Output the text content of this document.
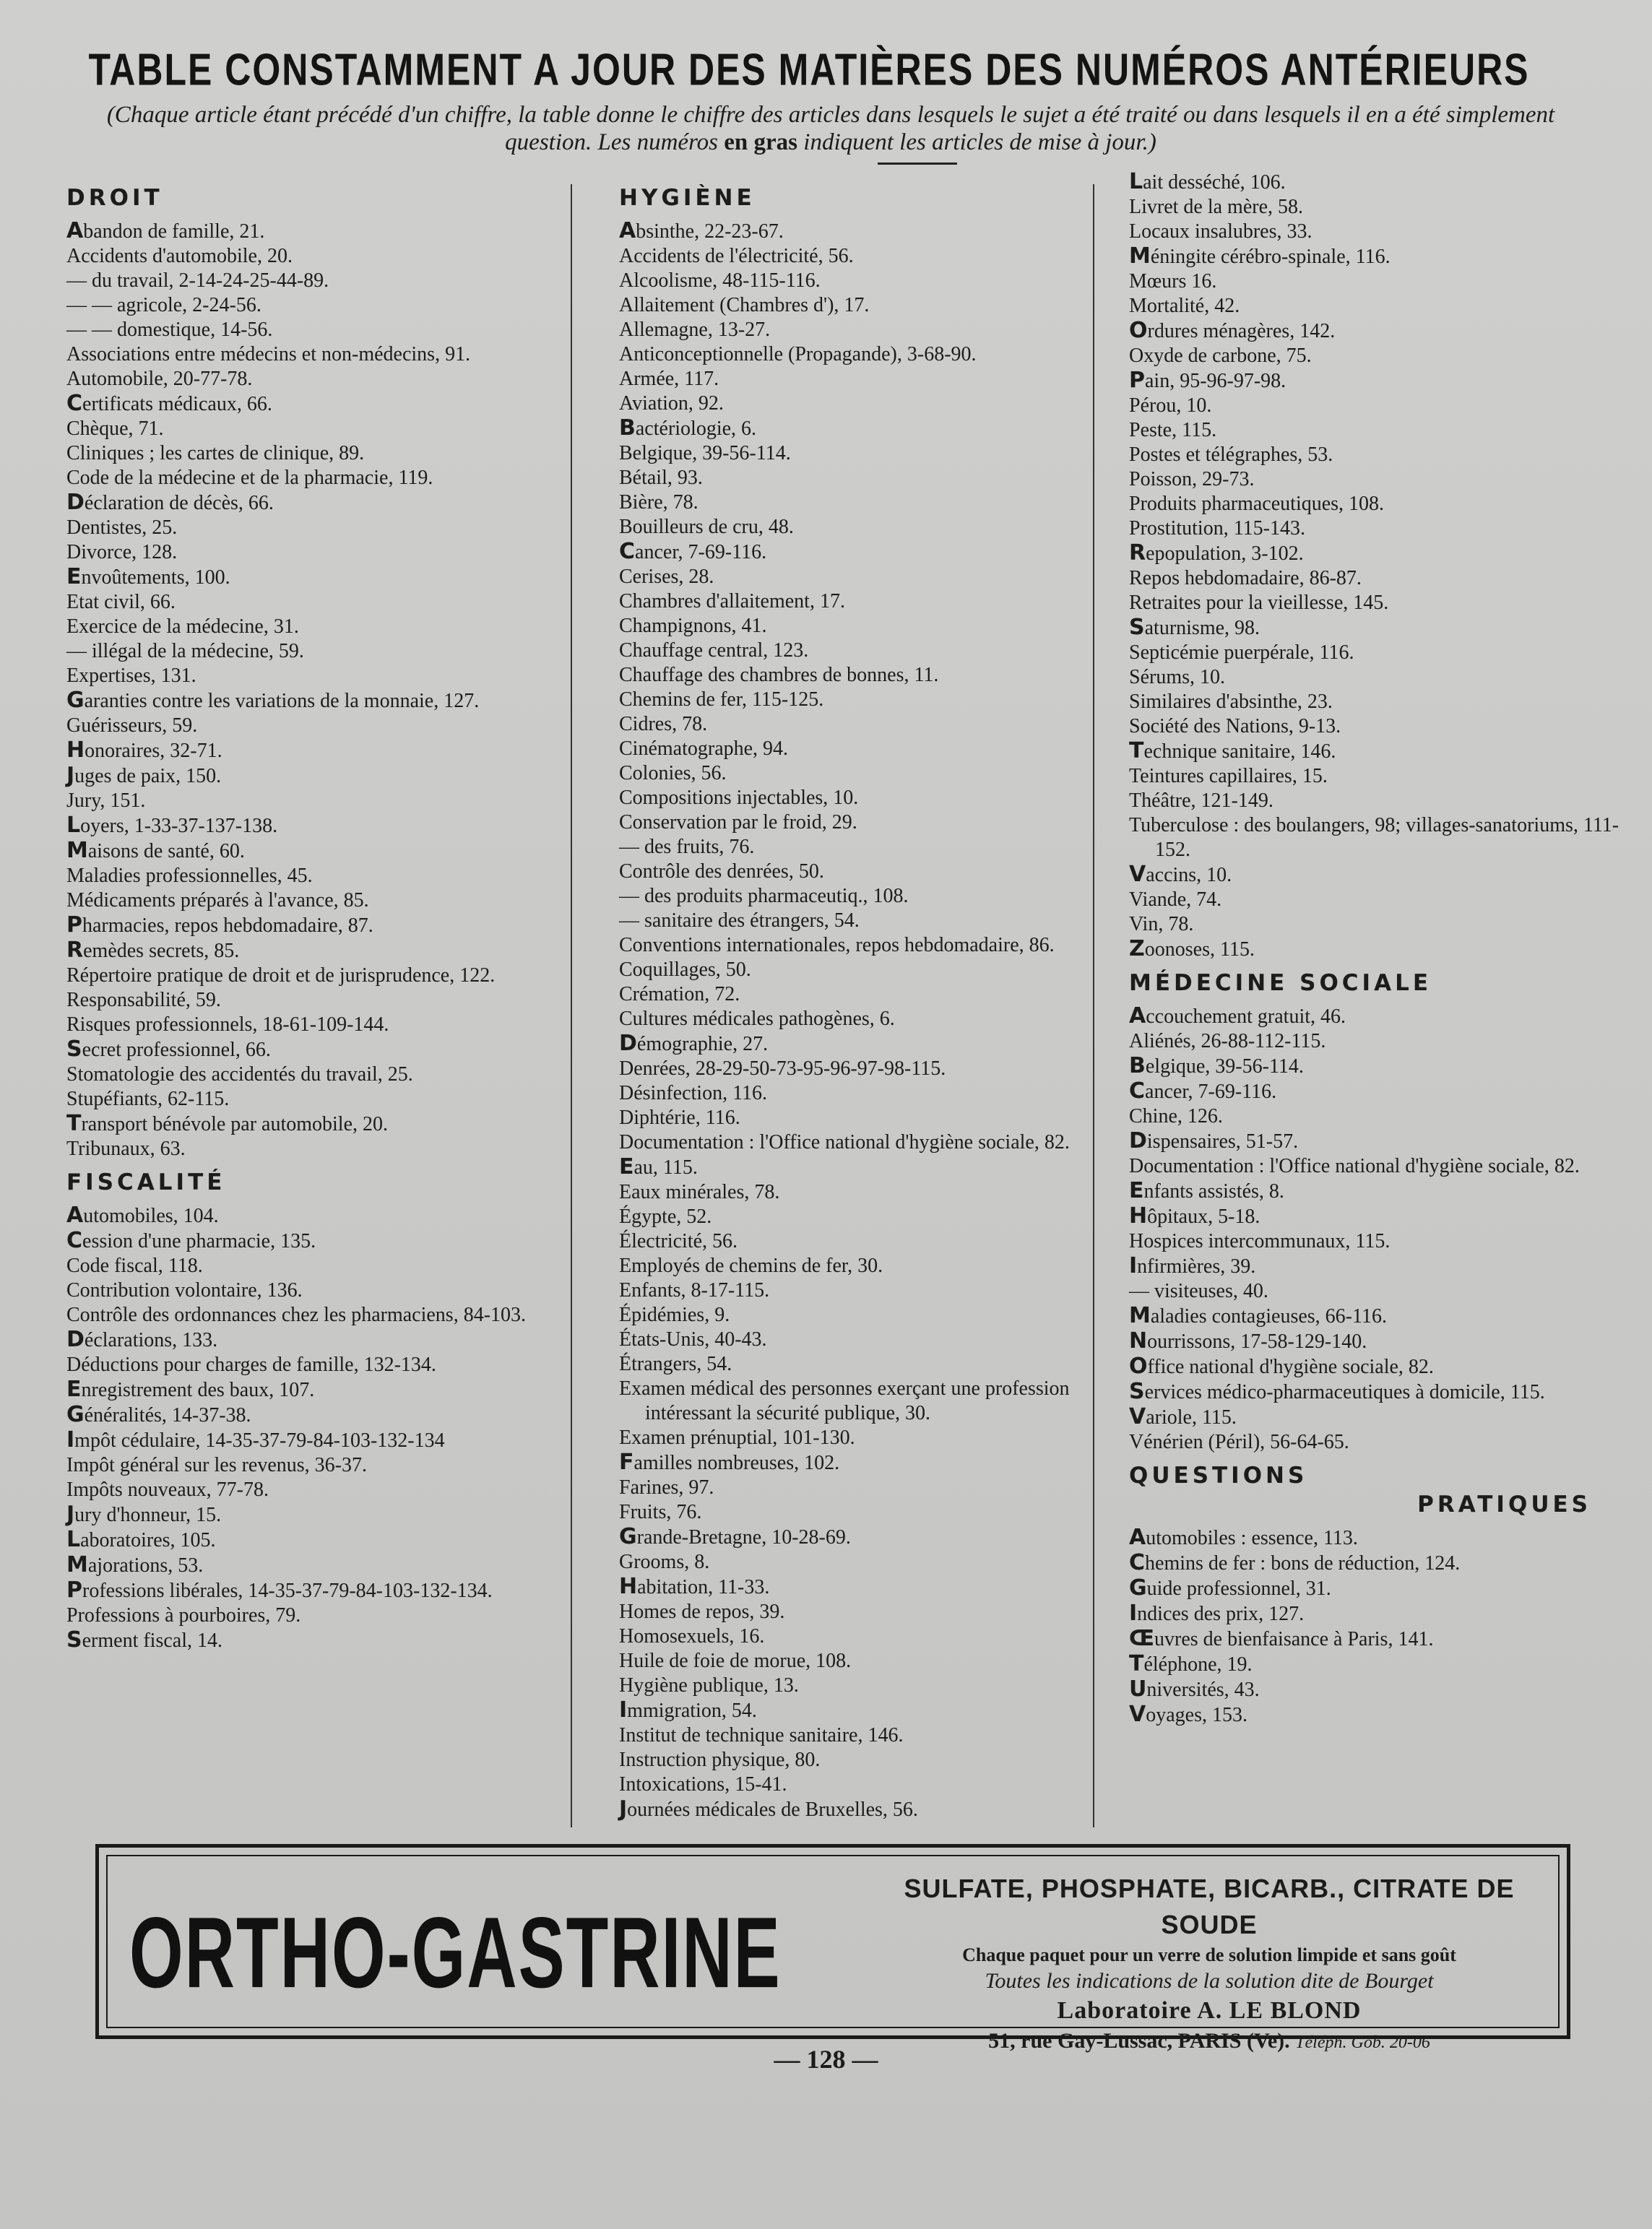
TABLE CONSTAMMENT A JOUR DES MATIÈRES DES NUMÉROS ANTÉRIEURS
(Chaque article étant précédé d'un chiffre, la table donne le chiffre des articles dans lesquels le sujet a été traité ou dans lesquels il en a été simplement question. Les numéros en gras indiquent les articles de mise à jour.)
DROIT
Abandon de famille, 21.
Accidents d'automobile, 20.
— du travail, 2-14-24-25-44-89.
— — agricole, 2-24-56.
— — domestique, 14-56.
Associations entre médecins et non-médecins, 91.
Automobile, 20-77-78.
Certificats médicaux, 66.
Chèque, 71.
Cliniques ; les cartes de clinique, 89.
Code de la médecine et de la pharmacie, 119.
Déclaration de décès, 66.
Dentistes, 25.
Divorce, 128.
Envoûtements, 100.
Etat civil, 66.
Exercice de la médecine, 31.
— illégal de la médecine, 59.
Expertises, 131.
Garanties contre les variations de la monnaie, 127.
Guérisseurs, 59.
Honoraires, 32-71.
Juges de paix, 150.
Jury, 151.
Loyers, 1-33-37-137-138.
Maisons de santé, 60.
Maladies professionnelles, 45.
Médicaments préparés à l'avance, 85.
Pharmacies, repos hebdomadaire, 87.
Remèdes secrets, 85.
Répertoire pratique de droit et de jurisprudence, 122.
Responsabilité, 59.
Risques professionnels, 18-61-109-144.
Secret professionnel, 66.
Stomatologie des accidentés du travail, 25.
Stupéfiants, 62-115.
Transport bénévole par automobile, 20.
Tribunaux, 63.
FISCALITÉ
Automobiles, 104.
Cession d'une pharmacie, 135.
Code fiscal, 118.
Contribution volontaire, 136.
Contrôle des ordonnances chez les pharmaciens, 84-103.
Déclarations, 133.
Déductions pour charges de famille, 132-134.
Enregistrement des baux, 107.
Généralités, 14-37-38.
Impôt cédulaire, 14-35-37-79-84-103-132-134
Impôt général sur les revenus, 36-37.
Impôts nouveaux, 77-78.
Jury d'honneur, 15.
Laboratoires, 105.
Majorations, 53.
Professions libérales, 14-35-37-79-84-103-132-134.
Professions à pourboires, 79.
Serment fiscal, 14.
HYGIÈNE
Absinthe, 22-23-67.
Accidents de l'électricité, 56.
Alcoolisme, 48-115-116.
Allaitement (Chambres d'), 17.
Allemagne, 13-27.
Anticonceptionnelle (Propagande), 3-68-90.
Armée, 117.
Aviation, 92.
Bactériologie, 6.
Belgique, 39-56-114.
Bétail, 93.
Bière, 78.
Bouilleurs de cru, 48.
Cancer, 7-69-116.
Cerises, 28.
Chambres d'allaitement, 17.
Champignons, 41.
Chauffage central, 123.
Chauffage des chambres de bonnes, 11.
Chemins de fer, 115-125.
Cidres, 78.
Cinématographe, 94.
Colonies, 56.
Compositions injectables, 10.
Conservation par le froid, 29.
— des fruits, 76.
Contrôle des denrées, 50.
— des produits pharmaceutiq., 108.
— sanitaire des étrangers, 54.
Conventions internationales, repos hebdomadaire, 86.
Coquillages, 50.
Crémation, 72.
Cultures médicales pathogènes, 6.
Démographie, 27.
Denrées, 28-29-50-73-95-96-97-98-115.
Désinfection, 116.
Diphtérie, 116.
Documentation : l'Office national d'hygiène sociale, 82.
Eau, 115.
Eaux minérales, 78.
Égypte, 52.
Électricité, 56.
Employés de chemins de fer, 30.
Enfants, 8-17-115.
Épidémies, 9.
États-Unis, 40-43.
Étrangers, 54.
Examen médical des personnes exerçant une profession intéressant la sécurité publique, 30.
Examen prénuptial, 101-130.
Familles nombreuses, 102.
Farines, 97.
Fruits, 76.
Grande-Bretagne, 10-28-69.
Grooms, 8.
Habitation, 11-33.
Homes de repos, 39.
Homosexuels, 16.
Huile de foie de morue, 108.
Hygiène publique, 13.
Immigration, 54.
Institut de technique sanitaire, 146.
Instruction physique, 80.
Intoxications, 15-41.
Journées médicales de Bruxelles, 56.
Lait desséché, 106.
Livret de la mère, 58.
Locaux insalubres, 33.
Méningite cérébro-spinale, 116.
Mœurs 16.
Mortalité, 42.
Ordures ménagères, 142.
Oxyde de carbone, 75.
Pain, 95-96-97-98.
Pérou, 10.
Peste, 115.
Postes et télégraphes, 53.
Poisson, 29-73.
Produits pharmaceutiques, 108.
Prostitution, 115-143.
Repopulation, 3-102.
Repos hebdomadaire, 86-87.
Retraites pour la vieillesse, 145.
Saturnisme, 98.
Septicémie puerpérale, 116.
Sérums, 10.
Similaires d'absinthe, 23.
Société des Nations, 9-13.
Technique sanitaire, 146.
Teintures capillaires, 15.
Théâtre, 121-149.
Tuberculose : des boulangers, 98; villages-sanatoriums, 111-152.
Vaccins, 10.
Viande, 74.
Vin, 78.
Zoonoses, 115.
MÉDECINE SOCIALE
Accouchement gratuit, 46.
Aliénés, 26-88-112-115.
Belgique, 39-56-114.
Cancer, 7-69-116.
Chine, 126.
Dispensaires, 51-57.
Documentation : l'Office national d'hygiène sociale, 82.
Enfants assistés, 8.
Hôpitaux, 5-18.
Hospices intercommunaux, 115.
Infirmières, 39.
— visiteuses, 40.
Maladies contagieuses, 66-116.
Nourrissons, 17-58-129-140.
Office national d'hygiène sociale, 82.
Services médico-pharmaceutiques à domicile, 115.
Variole, 115.
Vénérien (Péril), 56-64-65.
QUESTIONS
PRATIQUES
Automobiles : essence, 113.
Chemins de fer : bons de réduction, 124.
Guide professionnel, 31.
Indices des prix, 127.
Œuvres de bienfaisance à Paris, 141.
Téléphone, 19.
Universités, 43.
Voyages, 153.
ORTHO-GASTRINE
SULFATE, PHOSPHATE, BICARB., CITRATE DE SOUDE
Chaque paquet pour un verre de solution limpide et sans goût
Toutes les indications de la solution dite de Bourget
Laboratoire A. LE BLOND
51, rue Gay-Lussac, PARIS (Ve). Téléph. Gob. 20-06
— 128 —
